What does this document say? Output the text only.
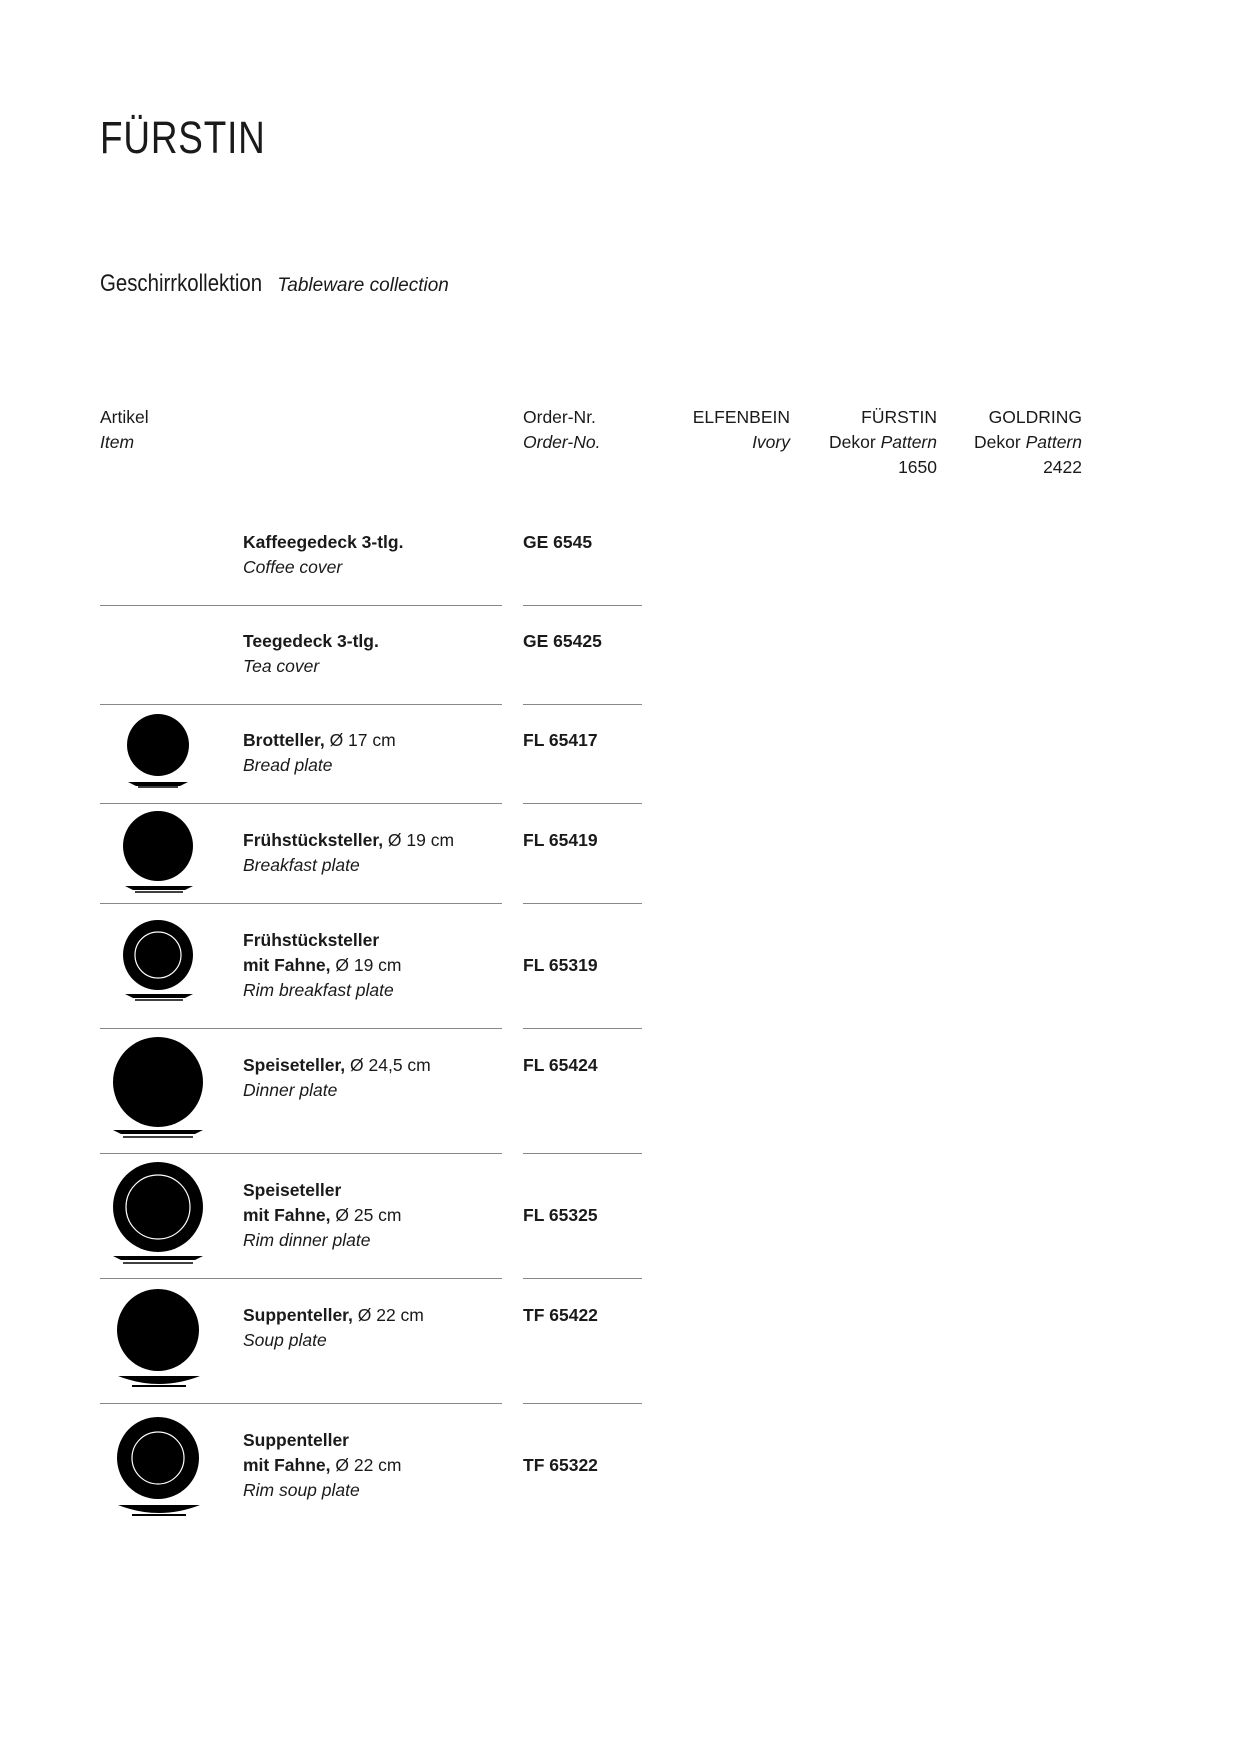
FÜRSTIN
Geschirrkollektion Tableware collection
Artikel
Item
Order-Nr.
Order-No.
ELFENBEIN
Ivory
FÜRSTIN
Dekor Pattern
1650
GOLDRING
Dekor Pattern
2422
Kaffeegedeck 3-tlg.
Coffee cover
GE 6545
Teegedeck 3-tlg.
Tea cover
GE 65425
Brotteller, Ø 17 cm
Bread plate
FL 65417
Frühstücksteller, Ø 19 cm
Breakfast plate
FL 65419
Frühstücksteller
mit Fahne, Ø 19 cm
Rim breakfast plate
FL 65319
Speiseteller, Ø 24,5 cm
Dinner plate
FL 65424
Speiseteller
mit Fahne, Ø 25 cm
Rim dinner plate
FL 65325
Suppenteller, Ø 22 cm
Soup plate
TF 65422
Suppenteller
mit Fahne, Ø 22 cm
Rim soup plate
TF 65322
